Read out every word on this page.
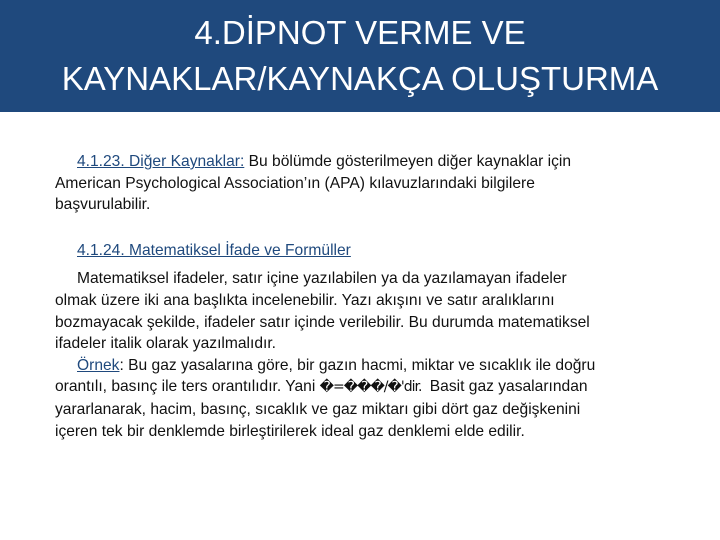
4.DİPNOT VERME VE
KAYNAKLAR/KAYNAKÇA OLUŞTURMA

4.1.23. Diğer Kaynaklar: Bu bölümde gösterilmeyen diğer kaynaklar için

American Psychological Association’ın (APA) kılavuzlarındaki bilgilere

başvurulabilir.

4.1.24. Matematiksel İfade ve Formüller

Matematiksel ifadeler, satır içine yazılabilen ya da yazılamayan ifadeler

olmak üzere iki ana başlıkta incelenebilir. Yazı akışını ve satır aralıklarını

bozmayacak şekilde, ifadeler satır içinde verilebilir. Bu durumda matematiksel

ifadeler italik olarak yazılmalıdır.

Örnek: Bu gaz yasalarına göre, bir gazın hacmi, miktar ve sıcaklık ile doğru

orantılı, basınç ile ters orantılıdır. Yani �=���/�'dir. Basit gaz yasalarından

yararlanarak, hacim, basınç, sıcaklık ve gaz miktarı gibi dört gaz değişkenini

içeren tek bir denklemde birleştirilerek ideal gaz denklemi elde edilir.
